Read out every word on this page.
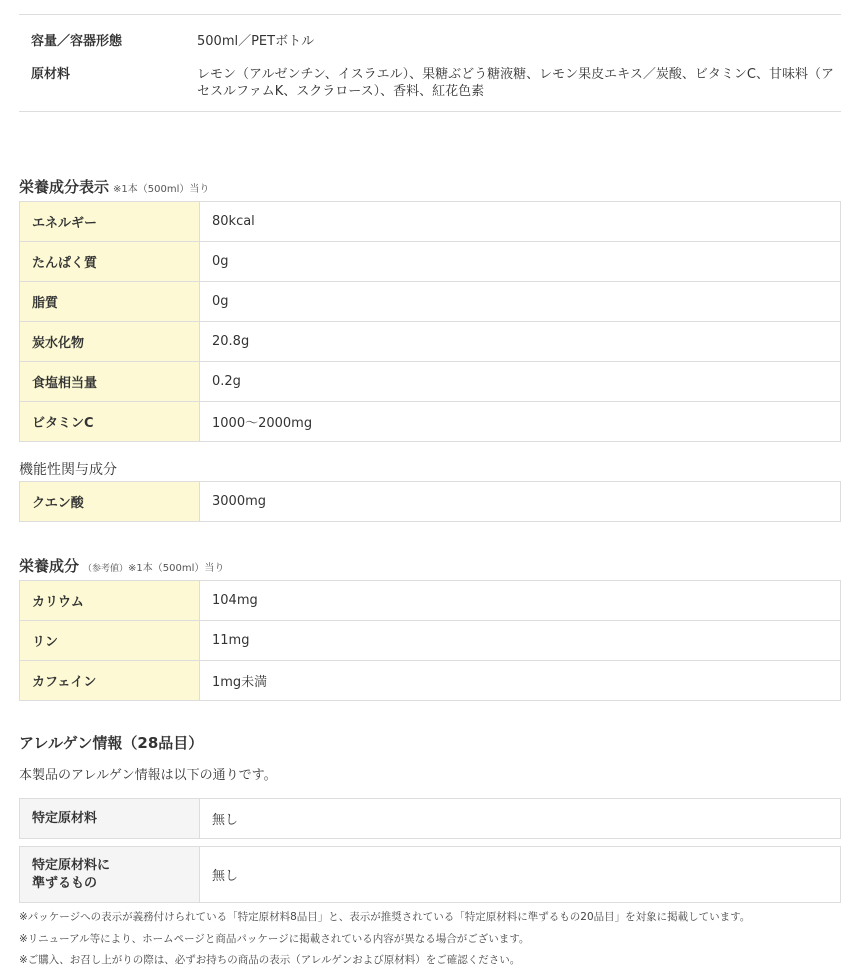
容量／容器形態	500ml／PETボトル
原材料	レモン（アルゼンチン、イスラエル）、果糖ぶどう糖液糖、レモン果皮エキス／炭酸、ビタミンC、甘味料（アセスルファムK、スクラロース）、香料、紅花色素
栄養成分表示 ※1本（500ml）当り
エネルギー	80kcal
たんぱく質	0g
脂質	0g
炭水化物	20.8g
食塩相当量	0.2g
ビタミンC	1000〜2000mg
機能性関与成分
クエン酸	3000mg
栄養成分 （参考値）※1本（500ml）当り
カリウム	104mg
リン	11mg
カフェイン	1mg未満
アレルゲン情報（28品目）
本製品のアレルゲン情報は以下の通りです。
特定原材料	無し
特定原材料に
準ずるもの	無し
※パッケージへの表示が義務付けられている「特定原材料8品目」と、表示が推奨されている「特定原材料に準ずるもの20品目」を対象に掲載しています。
※リニューアル等により、ホームページと商品パッケージに掲載されている内容が異なる場合がございます。
※ご購入、お召し上がりの際は、必ずお持ちの商品の表示（アレルゲンおよび原材料）をご確認ください。
